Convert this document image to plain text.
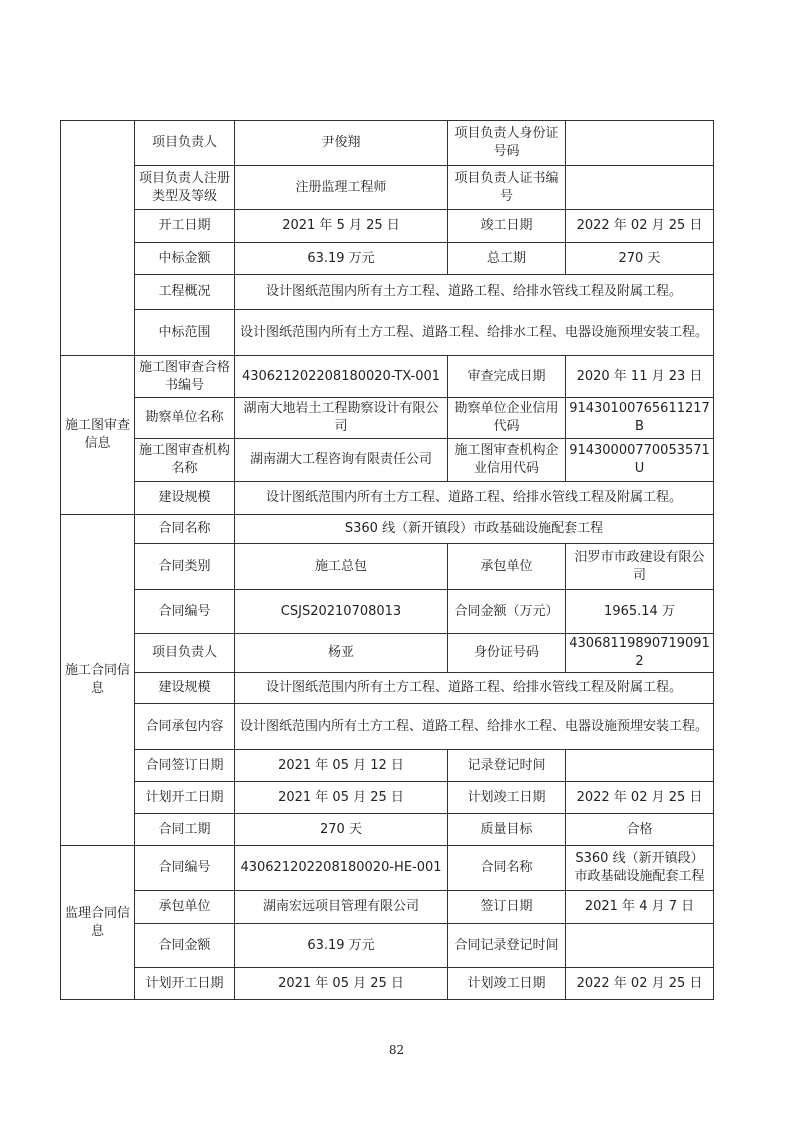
	项目负责人	尹俊翔	项目负责人身份证号码	
	项目负责人注册类型及等级	注册监理工程师	项目负责人证书编号	
	开工日期	2021 年 5 月 25 日	竣工日期	2022 年 02 月 25 日
	中标金额	63.19 万元	总工期	270 天
	工程概况	设计图纸范围内所有土方工程、道路工程、给排水管线工程及附属工程。		
	中标范围	设计图纸范围内所有土方工程、道路工程、给排水工程、电器设施预埋安装工程。		
施工图审查信息	施工图审查合格书编号	430621202208180020-TX-001	审查完成日期	2020 年 11 月 23 日
	勘察单位名称	湖南大地岩土工程勘察设计有限公司	勘察单位企业信用代码	91430100765611217B
	施工图审查机构名称	湖南湖大工程咨询有限责任公司	施工图审查机构企业信用代码	91430000770053571U
	建设规模	设计图纸范围内所有土方工程、道路工程、给排水管线工程及附属工程。		
施工合同信息	合同名称	S360 线（新开镇段）市政基础设施配套工程		
	合同类别	施工总包	承包单位	汨罗市市政建设有限公司
	合同编号	CSJS20210708013	合同金额（万元）	1965.14 万
	项目负责人	杨亚	身份证号码	430681198907190912
	建设规模	设计图纸范围内所有土方工程、道路工程、给排水管线工程及附属工程。		
	合同承包内容	设计图纸范围内所有土方工程、道路工程、给排水工程、电器设施预埋安装工程。		
	合同签订日期	2021 年 05 月 12 日	记录登记时间	
	计划开工日期	2021 年 05 月 25 日	计划竣工日期	2022 年 02 月 25 日
	合同工期	270 天	质量目标	合格
监理合同信息	合同编号	430621202208180020-HE-001	合同名称	S360 线（新开镇段）市政基础设施配套工程
	承包单位	湖南宏远项目管理有限公司	签订日期	2021 年 4 月 7 日
	合同金额	63.19 万元	合同记录登记时间	
	计划开工日期	2021 年 05 月 25 日	计划竣工日期	2022 年 02 月 25 日
82
